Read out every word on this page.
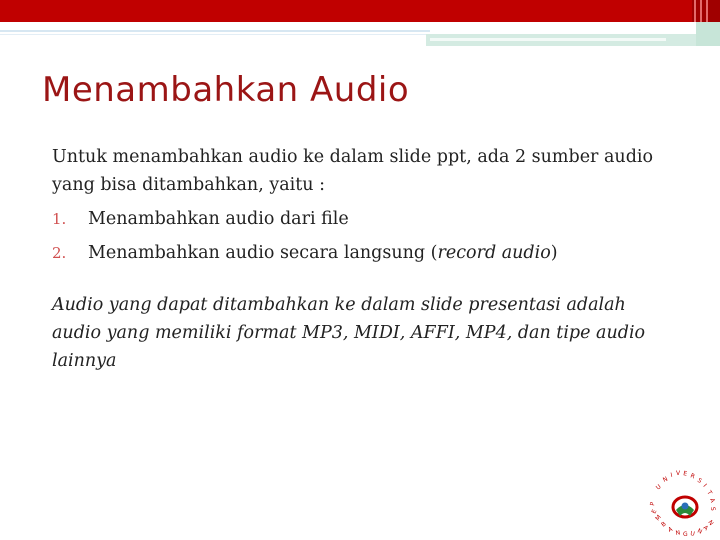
Menambahkan Audio

Untuk menambahkan audio ke dalam slide ppt, ada 2 sumber audio
yang bisa ditambahkan, yaitu :

1.	Menambahkan audio dari file
2.	Menambahkan audio secara langsung (record audio)

Audio yang dapat ditambahkan ke dalam slide presentasi adalah
audio yang memiliki format MP3, MIDI, AFFI, MP4, dan tipe audio
lainnya

U
N
I V E R
S
I
T
A
S
P
E
M
B
A N G U N
A
N
